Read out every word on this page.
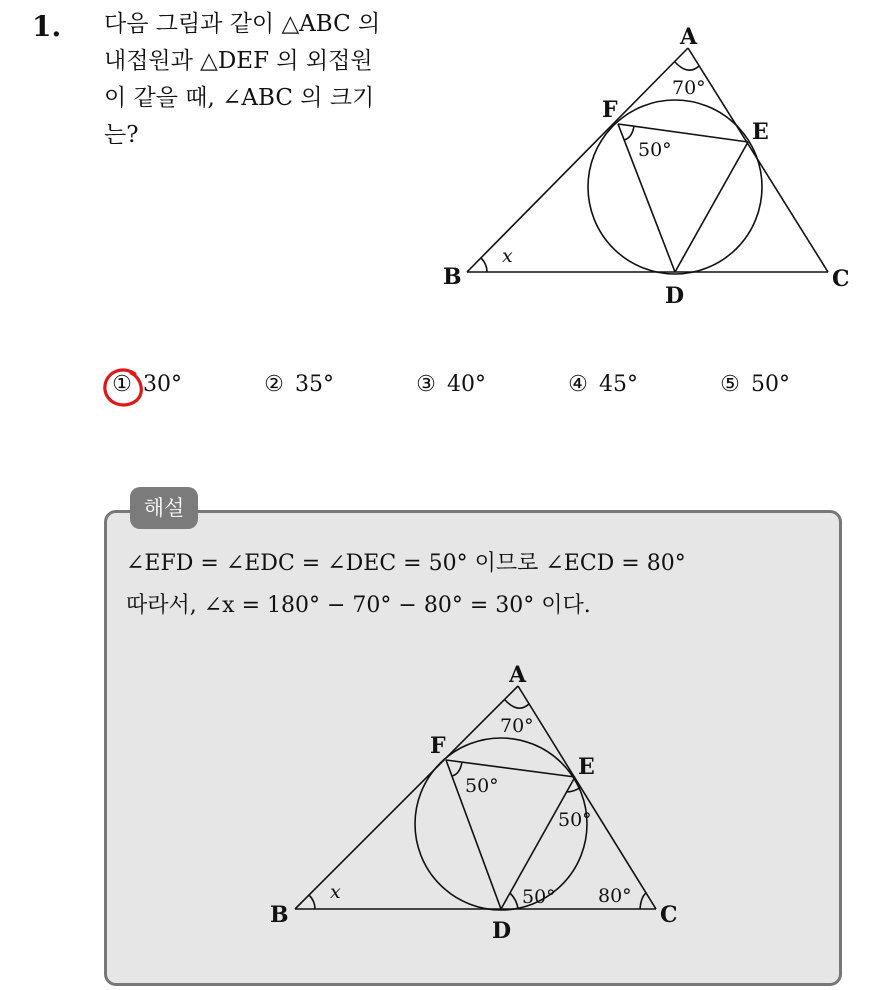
1. 다음 그림과 같이 △ABC 의
내접원과 △DEF 의 외접원
이 같을 때, ∠ABC 의 크기
는?
A
B	C
D
E
F
70°
50°
x
① 30°	② 35°	③ 40°	④ 45°	⑤ 50°
해설
∠EFD = ∠EDC = ∠DEC = 50° 이므로 ∠ECD = 80°
따라서, ∠x = 180° − 70° − 80° = 30° 이다.
A
B	C
D
E
F
70°
50°
50°
50° 80°
x
